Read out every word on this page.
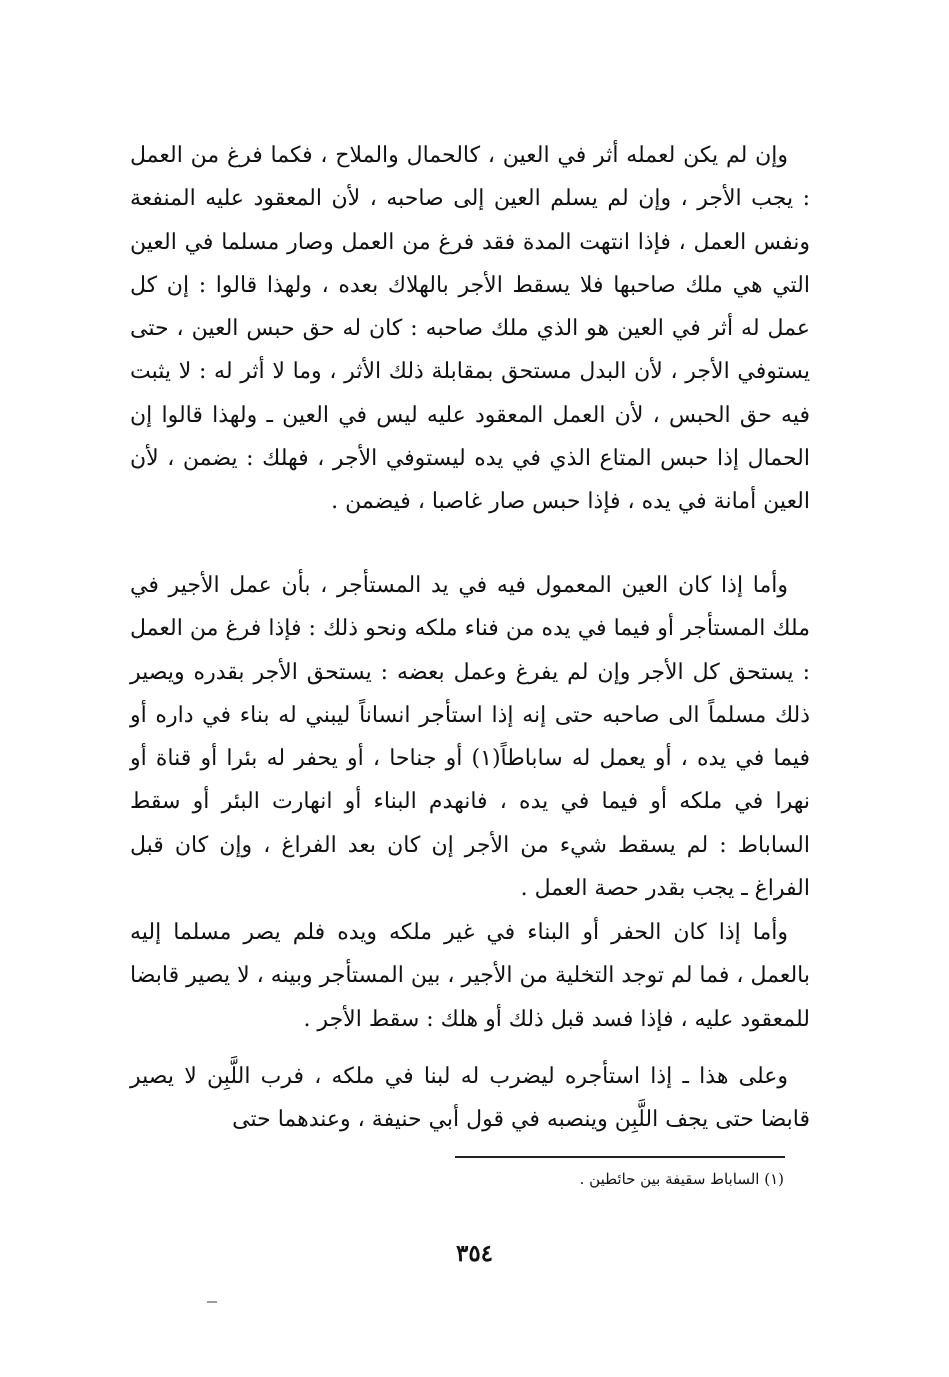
وإن لم يكن لعمله أثر في العين ، كالحمال والملاح ، فكما فرغ من العمل : يجب الأجر ، وإن لم يسلم العين إلى صاحبه ، لأن المعقود عليه المنفعة ونفس العمل ، فإذا انتهت المدة فقد فرغ من العمل وصار مسلما في العين التي هي ملك صاحبها فلا يسقط الأجر بالهلاك بعده ، ولهذا قالوا : إن كل عمل له أثر في العين هو الذي ملك صاحبه : كان له حق حبس العين ، حتى يستوفي الأجر ، لأن البدل مستحق بمقابلة ذلك الأثر ، وما لا أثر له : لا يثبت فيه حق الحبس ، لأن العمل المعقود عليه ليس في العين ـ ولهذا قالوا إن الحمال إذا حبس المتاع الذي في يده ليستوفي الأجر ، فهلك : يضمن ، لأن العين أمانة في يده ، فإذا حبس صار غاصبا ، فيضمن .

وأما إذا كان العين المعمول فيه في يد المستأجر ، بأن عمل الأجير في ملك المستأجر أو فيما في يده من فناء ملكه ونحو ذلك : فإذا فرغ من العمل : يستحق كل الأجر وإن لم يفرغ وعمل بعضه : يستحق الأجر بقدره ويصير ذلك مسلماً الى صاحبه حتى إنه إذا استأجر انساناً ليبني له بناء في داره أو فيما في يده ، أو يعمل له ساباطاً(١) أو جناحا ، أو يحفر له بئرا أو قناة أو نهرا في ملكه أو فيما في يده ، فانهدم البناء أو انهارت البئر أو سقط الساباط : لم يسقط شيء من الأجر إن كان بعد الفراغ ، وإن كان قبل الفراغ ـ يجب بقدر حصة العمل .

وأما إذا كان الحفر أو البناء في غير ملكه ويده فلم يصر مسلما إليه بالعمل ، فما لم توجد التخلية من الأجير ، بين المستأجر وبينه ، لا يصير قابضا للمعقود عليه ، فإذا فسد قبل ذلك أو هلك : سقط الأجر .

وعلى هذا ـ إذا استأجره ليضرب له لبنا في ملكه ، فرب اللَّبِن لا يصير قابضا حتى يجف اللَّبِن وينصبه في قول أبي حنيفة ، وعندهما حتى

(١) الساباط سقيفة بين حائطين .
٣٥٤
